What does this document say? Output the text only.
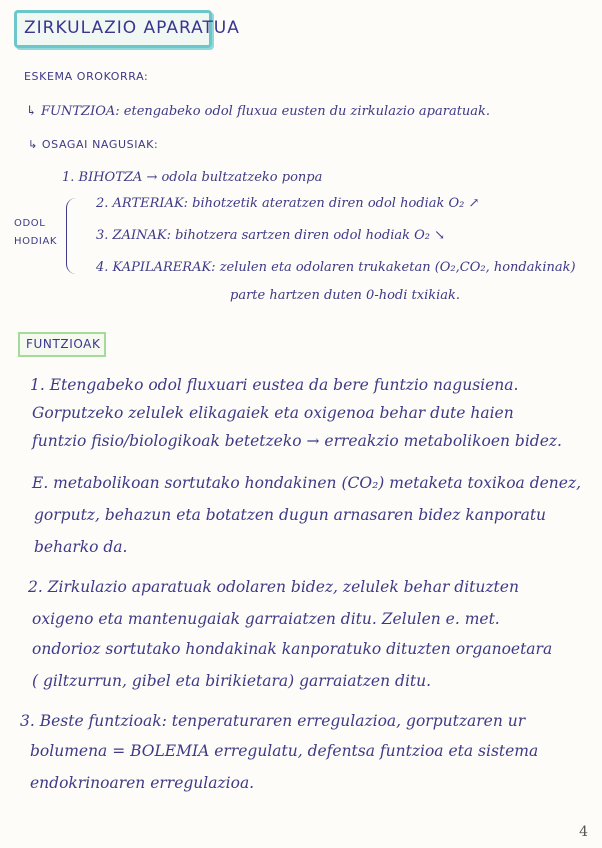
ZIRKULAZIO APARATUA
ESKEMA OROKORRA:
↳ FUNTZIOA: etengabeko odol fluxua eusten du zirkulazio aparatuak.
↳ OSAGAI NAGUSIAK:
1. BIHOTZA → odola bultzatzeko ponpa
ODOL
HODIAK
2. ARTERIAK: bihotzetik ateratzen diren odol hodiak O₂ ↗
3. ZAINAK: bihotzera sartzen diren odol hodiak O₂ ↘
4. KAPILARERAK: zelulen eta odolaren trukaketan (O₂,CO₂, hondakinak)
parte hartzen duten 0-hodi txikiak.
FUNTZIOAK
1. Etengabeko odol fluxuari eustea da bere funtzio nagusiena.
Gorputzeko zelulek elikagaiek eta oxigenoa behar dute haien
funtzio fisio/biologikoak betetzeko → erreakzio metabolikoen bidez.
E. metabolikoan sortutako hondakinen (CO₂) metaketa toxikoa denez,
gorputz, behazun eta botatzen dugun arnasaren bidez kanporatu
beharko da.
2. Zirkulazio aparatuak odolaren bidez, zelulek behar dituzten
oxigeno eta mantenugaiak garraiatzen ditu. Zelulen e. met.
ondorioz sortutako hondakinak kanporatuko dituzten organoetara
( giltzurrun, gibel eta birikietara) garraiatzen ditu.
3. Beste funtzioak: tenperaturaren erregulazioa, gorputzaren ur
bolumena = BOLEMIA erregulatu, defentsa funtzioa eta sistema
endokrinoaren erregulazioa.
4
